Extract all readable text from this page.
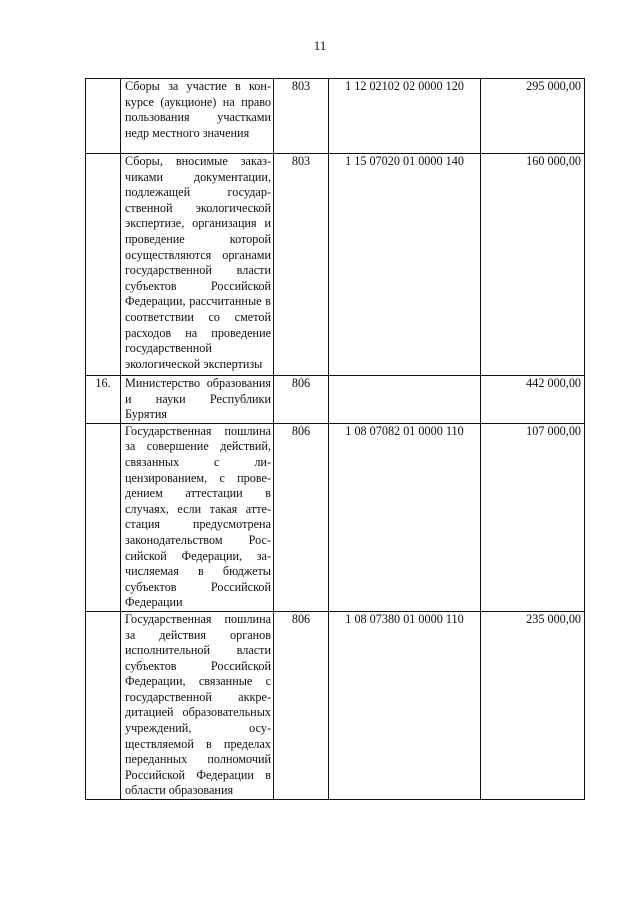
11
	Сборы за участие в конкурсе (аукционе) на право пользования участками недр местного значения	803	1 12 02102 02 0000 120	295 000,00
	Сборы, вносимые заказчиками документации, подлежащей государственной экологической экспертизе, организация и проведение которой осуществляются органами государственной власти субъектов Российской Федерации, рассчитанные в соответствии со сметой расходов на проведение государственной экологической экспертизы	803	1 15 07020 01 0000 140	160 000,00
16.	Министерство образования и науки Республики Бурятия	806		442 000,00
	Государственная пошлина за совершение действий, связанных с лицензированием, с проведением аттестации в случаях, если такая аттестация предусмотрена законодательством Российской Федерации, зачисляемая в бюджеты субъектов Российской Федерации	806	1 08 07082 01 0000 110	107 000,00
	Государственная пошлина за действия органов исполнительной власти субъектов Российской Федерации, связанные с государственной аккредитацией образовательных учреждений, осуществляемой в пределах переданных полномочий Российской Федерации в области образования	806	1 08 07380 01 0000 110	235 000,00
